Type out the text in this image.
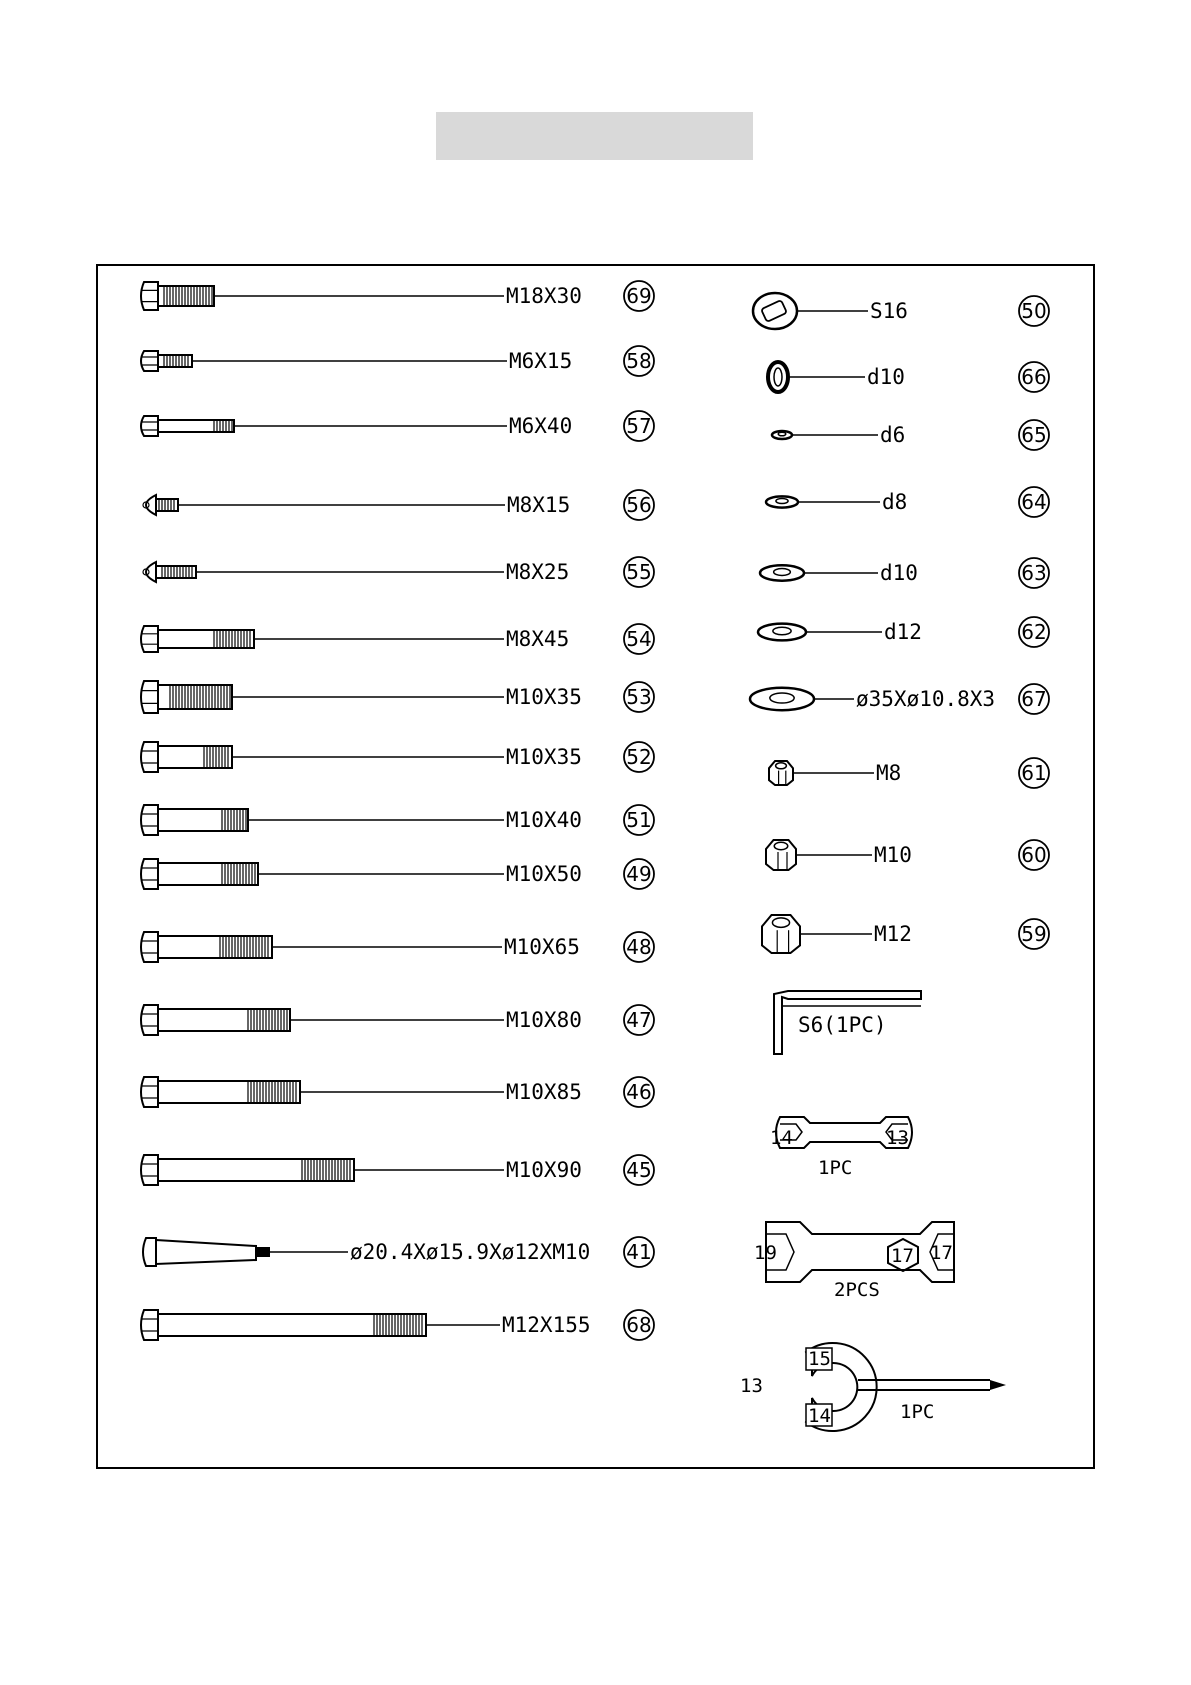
S6(1PC)
14	13
1PC
19	17 17
2PCS
15
13
14	1PC
M18X30 69
M6X15	58
M6X40	57
M8X15	56
M8X25	55
M8X45	54
M10X35 53
M10X35 52
M10X40 51
M10X50 49
M10X65 48
M10X80 47
M10X85 46
M10X90 45
ø20.4Xø15.9Xø12XM10 41
M12X155 68
S16	50
d10	66
d6	65
d8	64
d10	63
d12	62
ø35Xø10.8X3 67
M8	61
M10	60
M12	59
